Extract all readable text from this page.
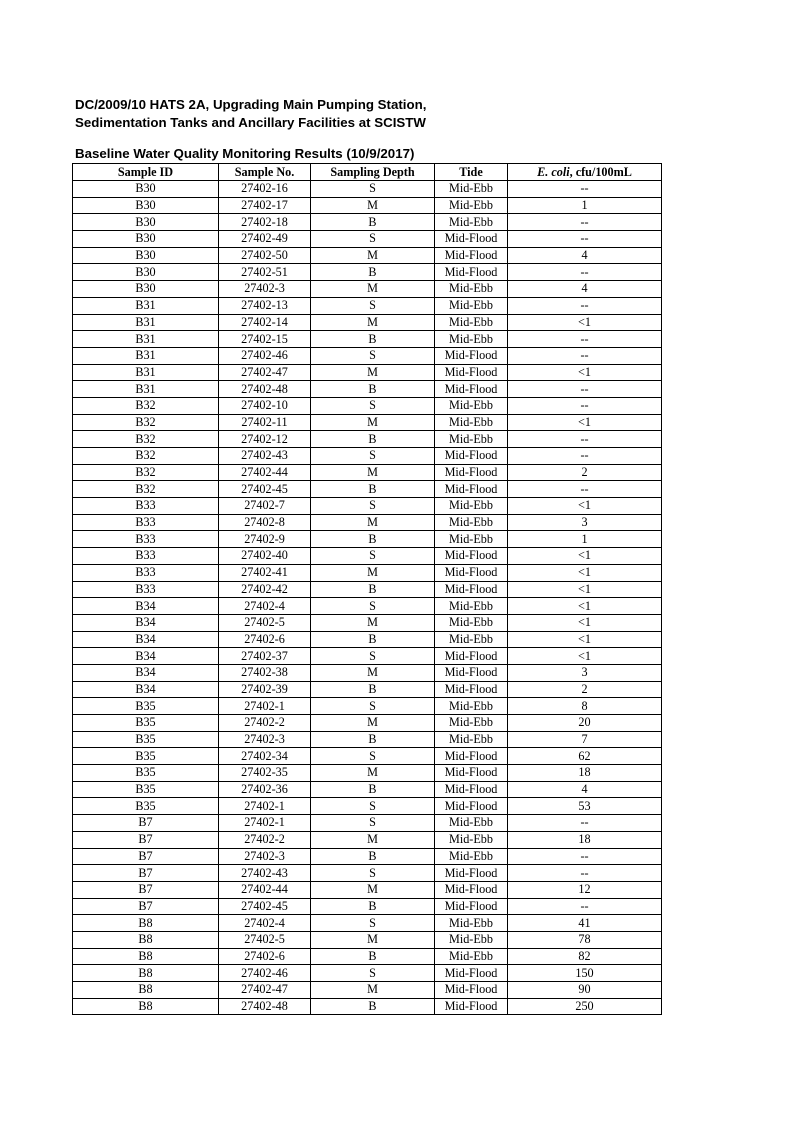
DC/2009/10 HATS 2A, Upgrading Main Pumping Station,
Sedimentation Tanks and Ancillary Facilities at SCISTW
Baseline Water Quality Monitoring Results (10/9/2017)
Sample ID	Sample No.	Sampling Depth	Tide	E. coli, cfu/100mL
B30	27402-16	S	Mid-Ebb	--
B30	27402-17	M	Mid-Ebb	1
B30	27402-18	B	Mid-Ebb	--
B30	27402-49	S	Mid-Flood	--
B30	27402-50	M	Mid-Flood	4
B30	27402-51	B	Mid-Flood	--
B30	27402-3	M	Mid-Ebb	4
B31	27402-13	S	Mid-Ebb	--
B31	27402-14	M	Mid-Ebb	<1
B31	27402-15	B	Mid-Ebb	--
B31	27402-46	S	Mid-Flood	--
B31	27402-47	M	Mid-Flood	<1
B31	27402-48	B	Mid-Flood	--
B32	27402-10	S	Mid-Ebb	--
B32	27402-11	M	Mid-Ebb	<1
B32	27402-12	B	Mid-Ebb	--
B32	27402-43	S	Mid-Flood	--
B32	27402-44	M	Mid-Flood	2
B32	27402-45	B	Mid-Flood	--
B33	27402-7	S	Mid-Ebb	<1
B33	27402-8	M	Mid-Ebb	3
B33	27402-9	B	Mid-Ebb	1
B33	27402-40	S	Mid-Flood	<1
B33	27402-41	M	Mid-Flood	<1
B33	27402-42	B	Mid-Flood	<1
B34	27402-4	S	Mid-Ebb	<1
B34	27402-5	M	Mid-Ebb	<1
B34	27402-6	B	Mid-Ebb	<1
B34	27402-37	S	Mid-Flood	<1
B34	27402-38	M	Mid-Flood	3
B34	27402-39	B	Mid-Flood	2
B35	27402-1	S	Mid-Ebb	8
B35	27402-2	M	Mid-Ebb	20
B35	27402-3	B	Mid-Ebb	7
B35	27402-34	S	Mid-Flood	62
B35	27402-35	M	Mid-Flood	18
B35	27402-36	B	Mid-Flood	4
B35	27402-1	S	Mid-Flood	53
B7	27402-1	S	Mid-Ebb	--
B7	27402-2	M	Mid-Ebb	18
B7	27402-3	B	Mid-Ebb	--
B7	27402-43	S	Mid-Flood	--
B7	27402-44	M	Mid-Flood	12
B7	27402-45	B	Mid-Flood	--
B8	27402-4	S	Mid-Ebb	41
B8	27402-5	M	Mid-Ebb	78
B8	27402-6	B	Mid-Ebb	82
B8	27402-46	S	Mid-Flood	150
B8	27402-47	M	Mid-Flood	90
B8	27402-48	B	Mid-Flood	250
